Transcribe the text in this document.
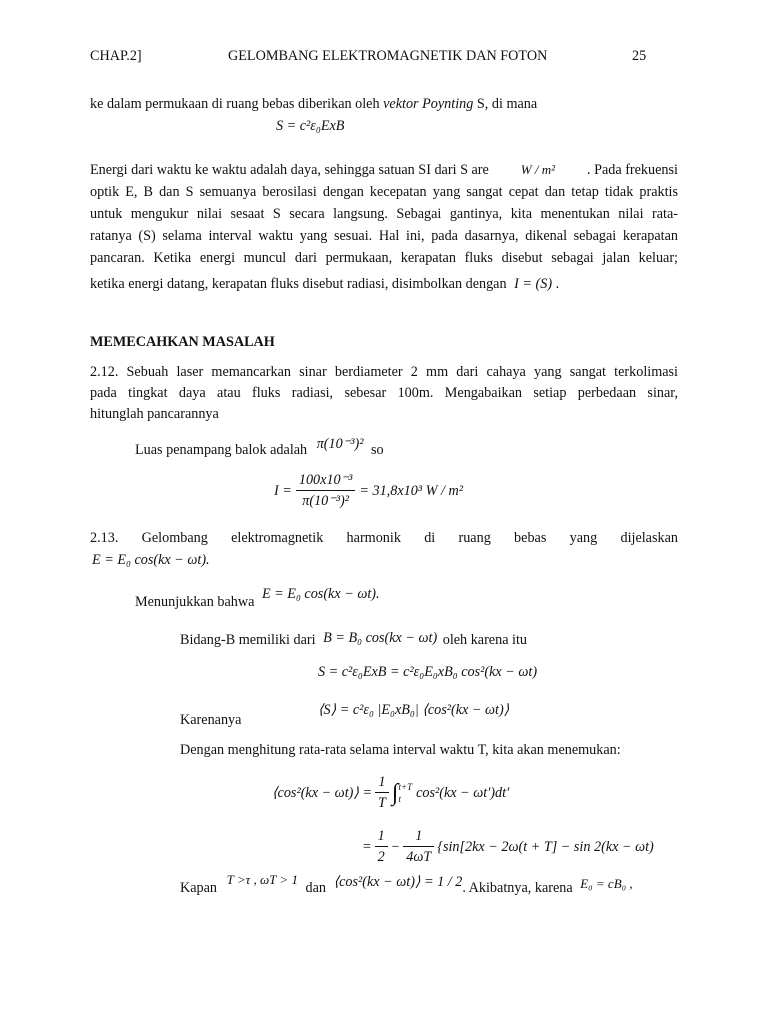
CHAP.2]	GELOMBANG ELEKTROMAGNETIK DAN FOTON	25
ke dalam permukaan di ruang bebas diberikan oleh vektor Poynting S, di mana
S = c²ε₀ExB
Energi dari waktu ke waktu adalah daya, sehingga satuan SI dari S are W / m² . Pada frekuensi
optik E, B dan S semuanya berosilasi dengan kecepatan yang sangat cepat dan tetap tidak praktis
untuk mengukur nilai sesaat S secara langsung. Sebagai gantinya, kita menentukan nilai rata-
ratanya (S) selama interval waktu yang sesuai. Hal ini, pada dasarnya, dikenal sebagai kerapatan
pancaran. Ketika energi muncul dari permukaan, kerapatan fluks disebut sebagai jalan keluar;
ketika energi datang, kerapatan fluks disebut radiasi, disimbolkan dengan I = (S) .
MEMECAHKAN MASALAH
2.12. Sebuah laser memancarkan sinar berdiameter 2 mm dari cahaya yang sangat terkolimasi
pada tingkat daya atau fluks radiasi, sebesar 100m. Mengabaikan setiap perbedaan sinar,
hitunglah pancarannya
Luas penampang balok adalah π(10⁻³)² so
$I = \frac{\text{100x10⁻³}}{\text{π(10⁻³)²}} = 31,8x10^3$ W / m²
2.13. Gelombang elektromagnetik harmonik di ruang bebas yang dijelaskan
E = E₀ cos(kx − ωt).
Menunjukkan bahwa E = E₀ cos(kx − ωt).
Bidang-B memiliki dari B = B₀ cos(kx − ωt) oleh karena itu
S = c²ε₀ExB = c²ε₀E₀xB₀ cos²(kx − ωt)
Karenanya
⟨S⟩ = c²ε₀ |E₀xB₀| ⟨cos²(kx − ωt)⟩
Dengan menghitung rata-rata selama interval waktu T, kita akan menemukan:
⟨cos²(kx − ωt)⟩ = $\frac{1}{T}$ ∫ t+T
t	cos²(kx − ωt′)dt′
= $\frac{1}{2} - \frac{1}{4\omega T} \{\sin[2kx - 2\omega(t + T] - \sin 2(kx - \omega t)$
Kapan T >τ , ωT > 1 dan ⟨cos²(kx − ωt)⟩ = 1 / 2. Akibatnya, karena E₀ = cB₀ ,
